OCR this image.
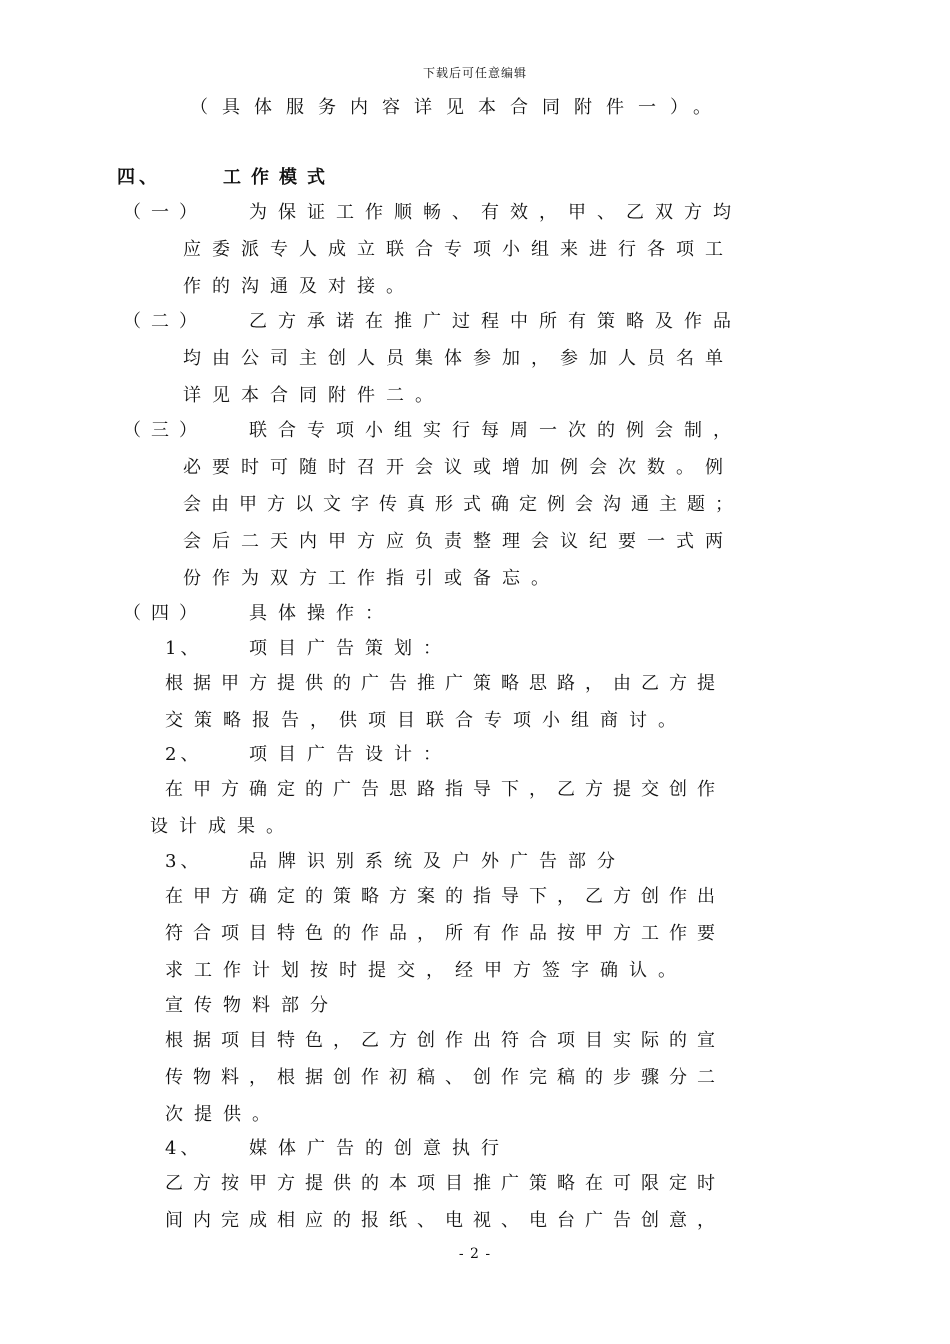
下载后可任意编辑
（具体服务内容详见本合同附件一）。
四、	工作模式
（一） 为保证工作顺畅、有效，甲、乙双方均
应委派专人成立联合专项小组来进行各项工
作的沟通及对接。
（二） 乙方承诺在推广过程中所有策略及作品
均由公司主创人员集体参加，参加人员名单
详见本合同附件二。
（三） 联合专项小组实行每周一次的例会制，
必要时可随时召开会议或增加例会次数。例
会由甲方以文字传真形式确定例会沟通主题；
会后二天内甲方应负责整理会议纪要一式两
份作为双方工作指引或备忘。
（四） 具体操作：
1、	项目广告策划：
根据甲方提供的广告推广策略思路，由乙方提
交策略报告，供项目联合专项小组商讨。
2、	项目广告设计：
在甲方确定的广告思路指导下，乙方提交创作
设计成果。
3、	品牌识别系统及户外广告部分
在甲方确定的策略方案的指导下，乙方创作出
符合项目特色的作品，所有作品按甲方工作要
求工作计划按时提交，经甲方签字确认。
宣传物料部分
根据项目特色，乙方创作出符合项目实际的宣
传物料，根据创作初稿、创作完稿的步骤分二
次提供。
4、	媒体广告的创意执行
乙方按甲方提供的本项目推广策略在可限定时
间内完成相应的报纸、电视、电台广告创意，
- 2 -
